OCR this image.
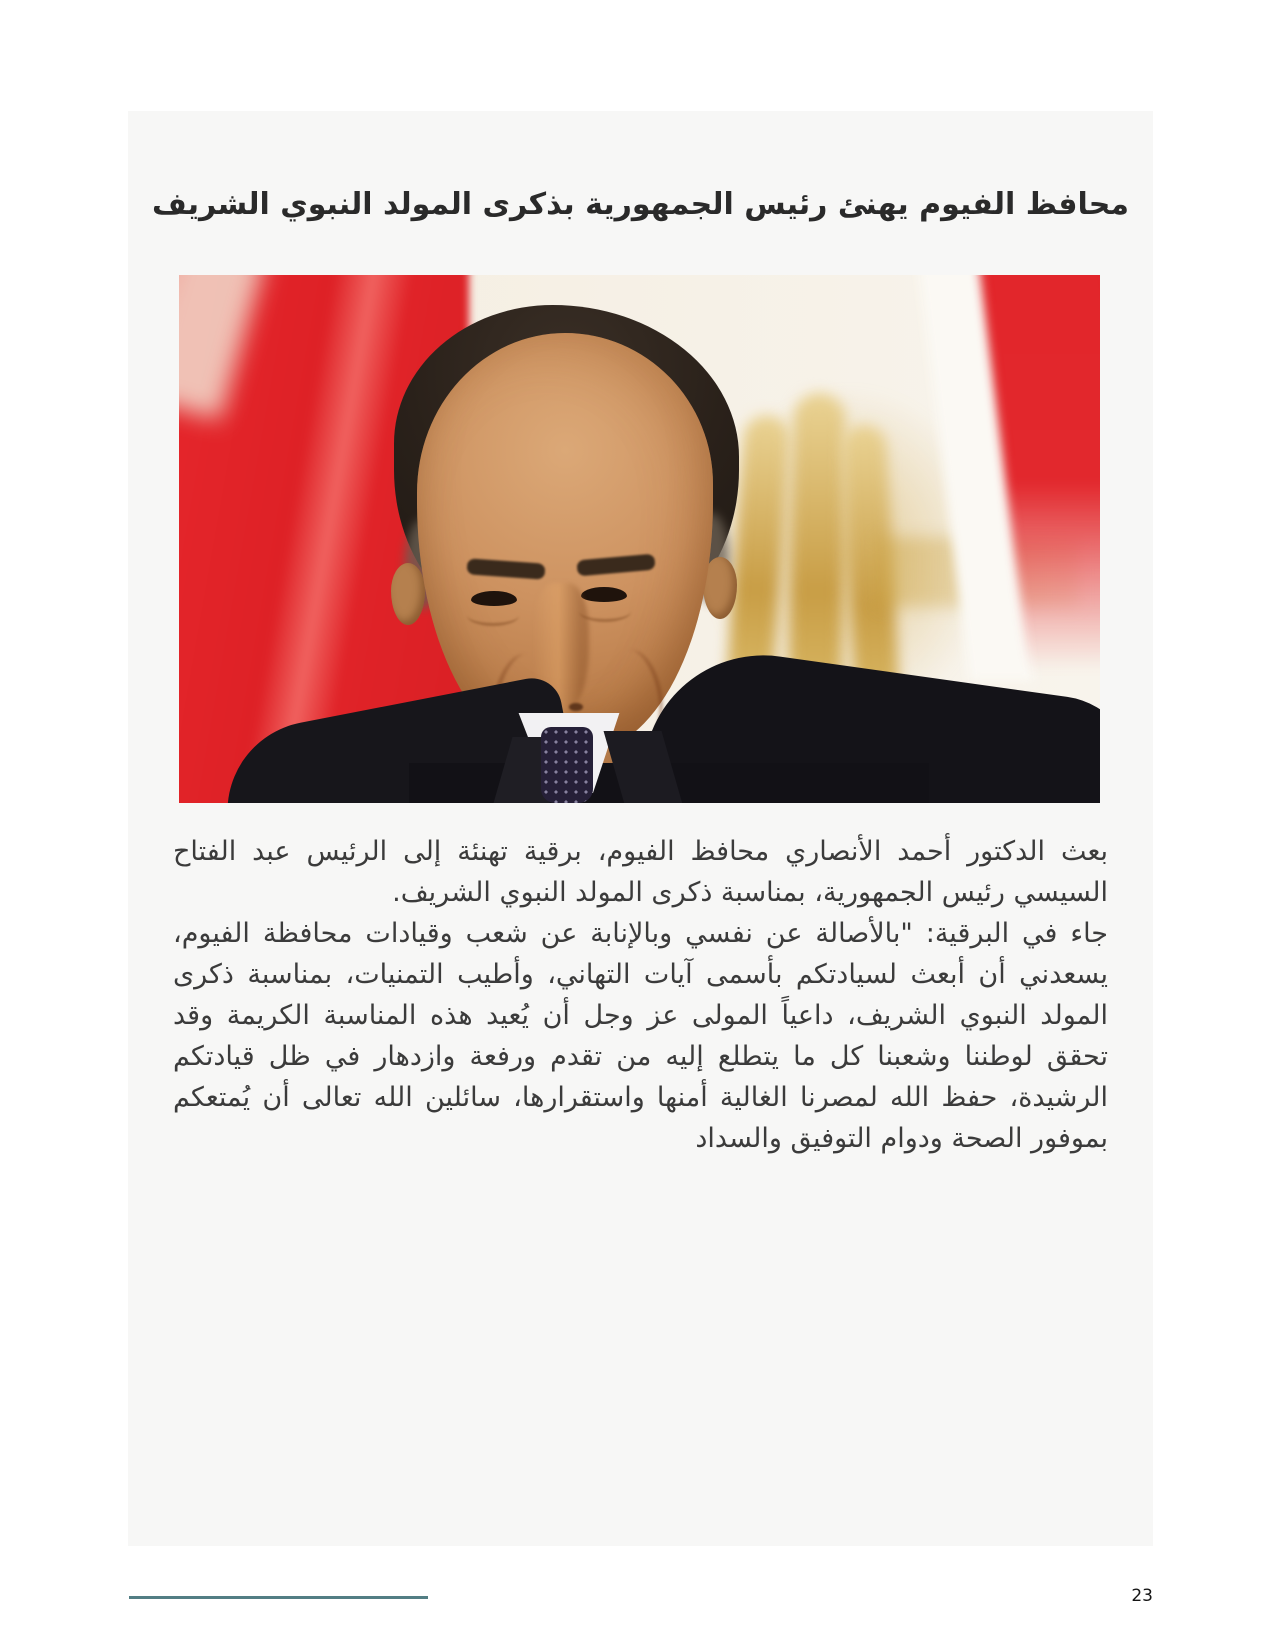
محافظ الفيوم يهنئ رئيس الجمهورية بذكرى المولد النبوي الشريف

بعث الدكتور أحمد الأنصاري محافظ الفيوم، برقية تهنئة إلى الرئيس عبد الفتاح السيسي رئيس الجمهورية، بمناسبة ذكرى المولد النبوي الشريف.

جاء في البرقية: "بالأصالة عن نفسي وبالإنابة عن شعب وقيادات محافظة الفيوم، يسعدني أن أبعث لسيادتكم بأسمى آيات التهاني، وأطيب التمنيات، بمناسبة ذكرى المولد النبوي الشريف، داعياً المولى عز وجل أن يُعيد هذه المناسبة الكريمة وقد تحقق لوطننا وشعبنا كل ما يتطلع إليه من تقدم ورفعة وازدهار في ظل قيادتكم الرشيدة، حفظ الله لمصرنا الغالية أمنها واستقرارها، سائلين الله تعالى أن يُمتعكم بموفور الصحة ودوام التوفيق والسداد

23
